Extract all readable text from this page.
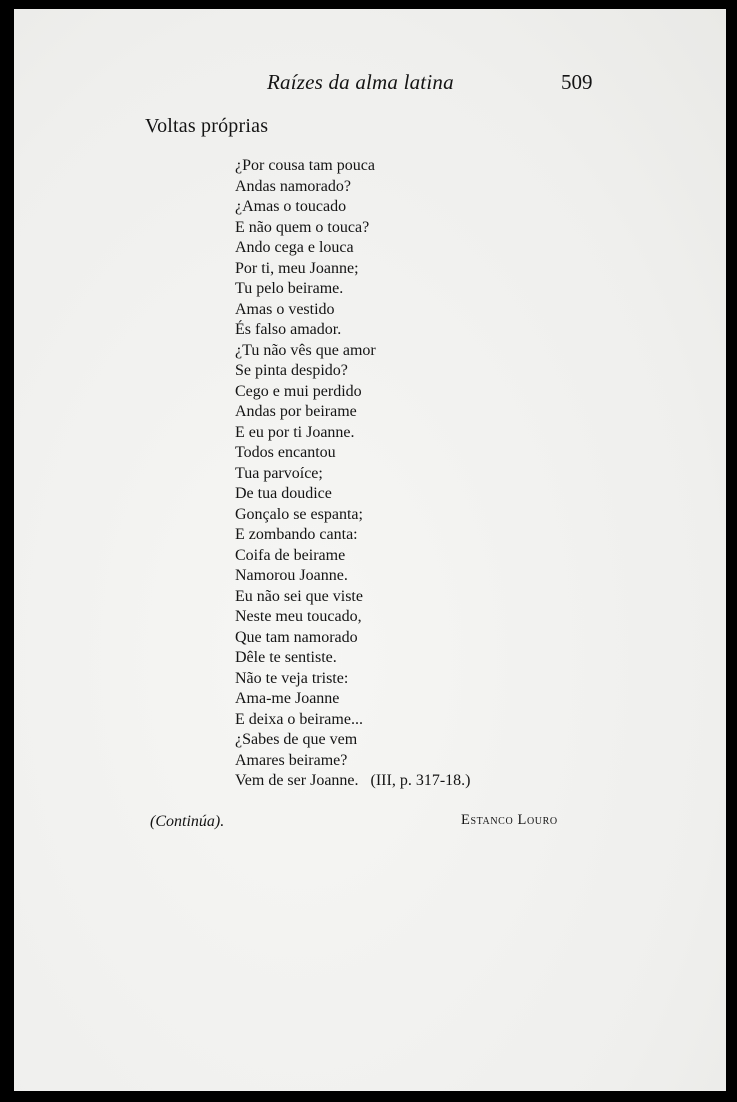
Raízes da alma latina	509
Voltas próprias
¿Por cousa tam pouca
Andas namorado?
¿Amas o toucado
E não quem o touca?
Ando cega e louca
Por ti, meu Joanne;
Tu pelo beirame.
Amas o vestido
És falso amador.
¿Tu não vês que amor
Se pinta despido?
Cego e mui perdido
Andas por beirame
E eu por ti Joanne.
Todos encantou
Tua parvoíce;
De tua doudice
Gonçalo se espanta;
E zombando canta:
Coifa de beirame
Namorou Joanne.
Eu não sei que viste
Neste meu toucado,
Que tam namorado
Dêle te sentiste.
Não te veja triste:
Ama-me Joanne
E deixa o beirame...
¿Sabes de que vem
Amares beirame?
Vem de ser Joanne. (III, p. 317-18.)
(Continúa).	Estanco Louro
